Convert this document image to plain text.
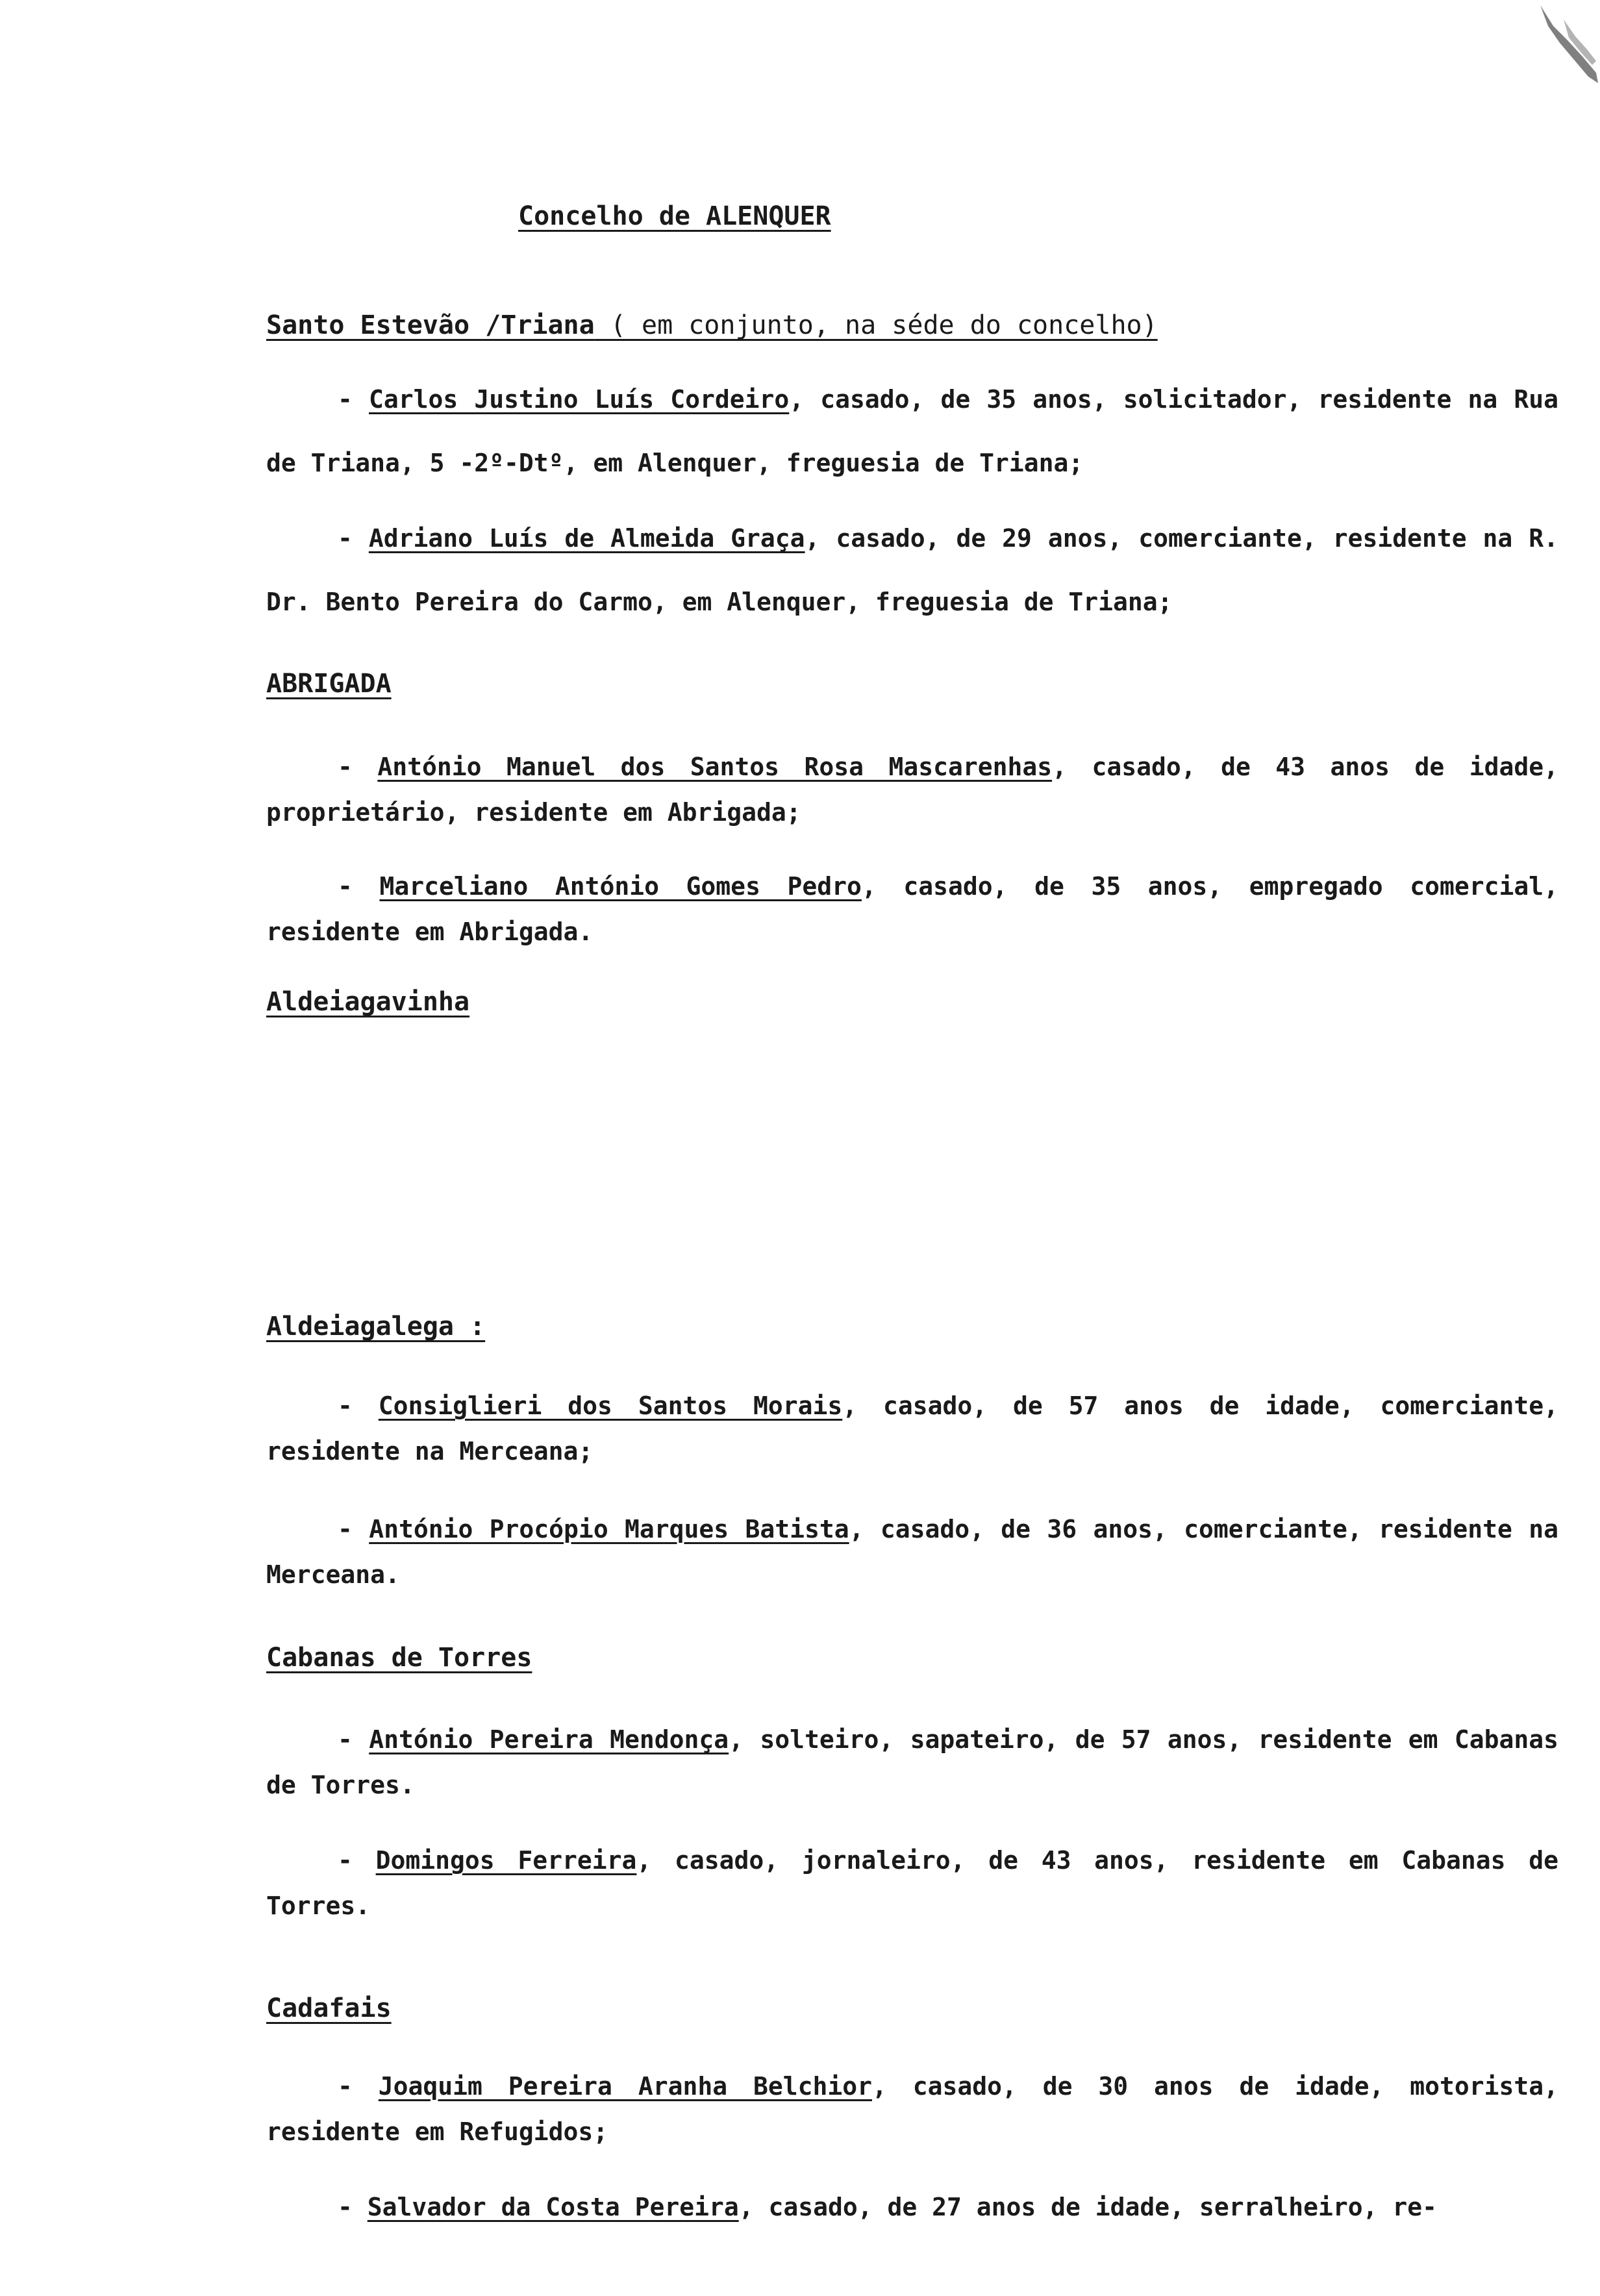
Concelho de ALENQUER
Santo Estevão /Triana ( em conjunto, na séde do concelho)
- Carlos Justino Luís Cordeiro, casado, de 35 anos, solicitador, residente na Rua de Triana, 5 -2º-Dtº, em Alenquer, freguesia de Triana;
- Adriano Luís de Almeida Graça, casado, de 29 anos, comerciante, residente na R. Dr. Bento Pereira do Carmo, em Alenquer, freguesia de Triana;
ABRIGADA
- António Manuel dos Santos Rosa Mascarenhas, casado, de 43 anos de idade, proprietário, residente em Abrigada;
- Marceliano António Gomes Pedro, casado, de 35 anos, empregado comercial, residente em Abrigada.
Aldeiagavinha
Aldeiagalega :
- Consiglieri dos Santos Morais, casado, de 57 anos de idade, comerciante, residente na Merceana;
- António Procópio Marques Batista, casado, de 36 anos, comerciante, residente na Merceana.
Cabanas de Torres
- António Pereira Mendonça, solteiro, sapateiro, de 57 anos, residente em Cabanas de Torres.
- Domingos Ferreira, casado, jornaleiro, de 43 anos, residente em Cabanas de Torres.
Cadafais
- Joaquim Pereira Aranha Belchior, casado, de 30 anos de idade, motorista, residente em Refugidos;
- Salvador da Costa Pereira, casado, de 27 anos de idade, serralheiro, re-
